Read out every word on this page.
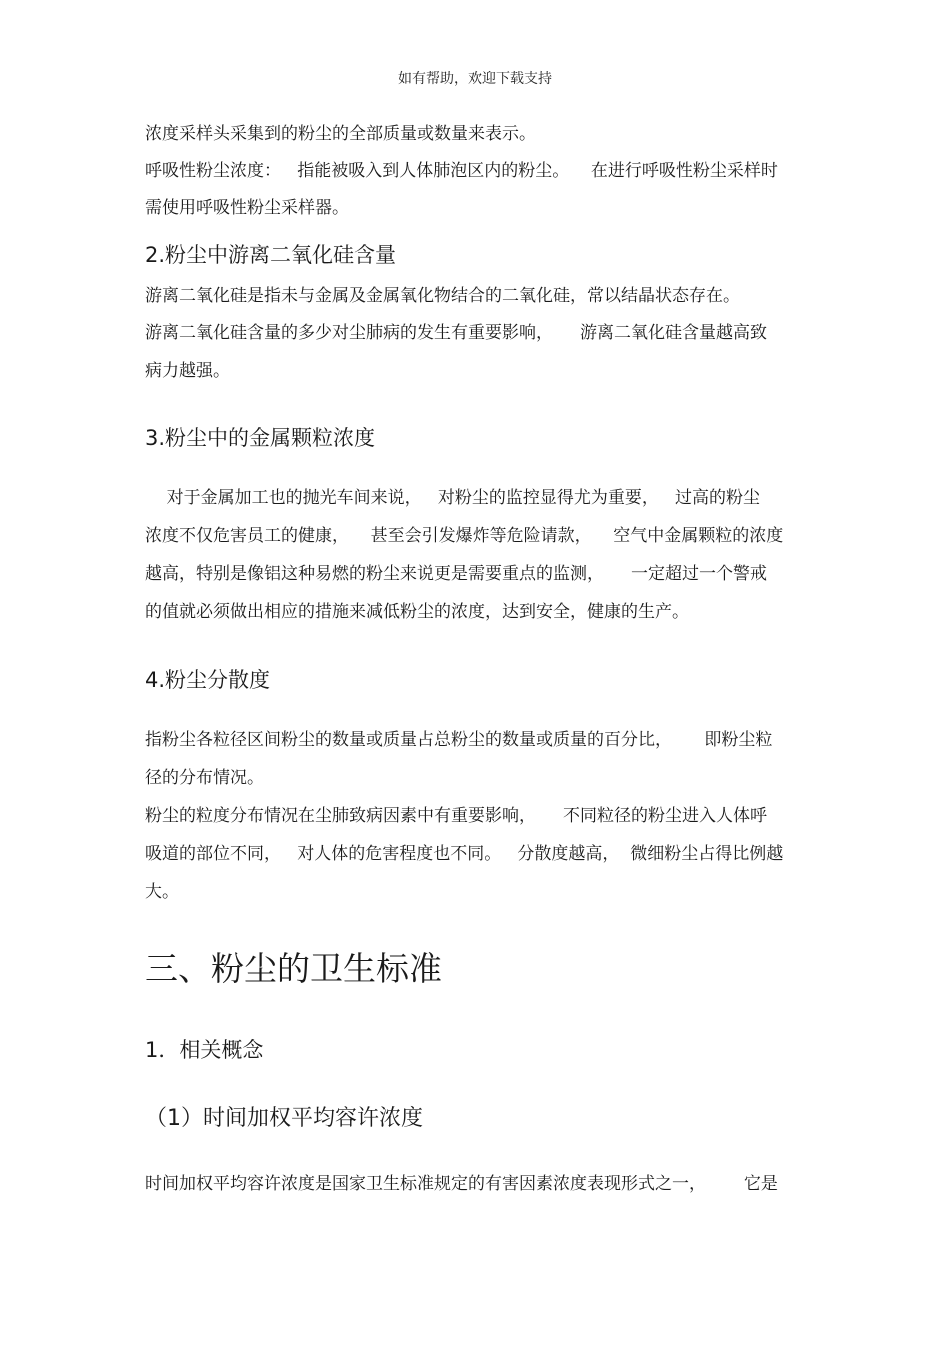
如有帮助，欢迎下载支持
浓度采样头采集到的粉尘的全部质量或数量来表示。
呼吸性粉尘浓度：   指能被吸入到人体肺泡区内的粉尘。    在进行呼吸性粉尘采样时
需使用呼吸性粉尘采样器。
2.粉尘中游离二氧化硅含量
游离二氧化硅是指未与金属及金属氧化物结合的二氧化硅，常以结晶状态存在。
游离二氧化硅含量的多少对尘肺病的发生有重要影响，     游离二氧化硅含量越高致
病力越强。
3.粉尘中的金属颗粒浓度
对于金属加工也的抛光车间来说，   对粉尘的监控显得尤为重要，   过高的粉尘
浓度不仅危害员工的健康，    甚至会引发爆炸等危险请款，    空气中金属颗粒的浓度
越高，特别是像铝这种易燃的粉尘来说更是需要重点的监测，     一定超过一个警戒
的值就必须做出相应的措施来减低粉尘的浓度，达到安全，健康的生产。
4.粉尘分散度
指粉尘各粒径区间粉尘的数量或质量占总粉尘的数量或质量的百分比，      即粉尘粒
径的分布情况。
粉尘的粒度分布情况在尘肺致病因素中有重要影响，     不同粒径的粉尘进入人体呼
吸道的部位不同，   对人体的危害程度也不同。   分散度越高，  微细粉尘占得比例越
大。
三、粉尘的卫生标准
1．相关概念
（1）时间加权平均容许浓度
时间加权平均容许浓度是国家卫生标准规定的有害因素浓度表现形式之一，       它是
